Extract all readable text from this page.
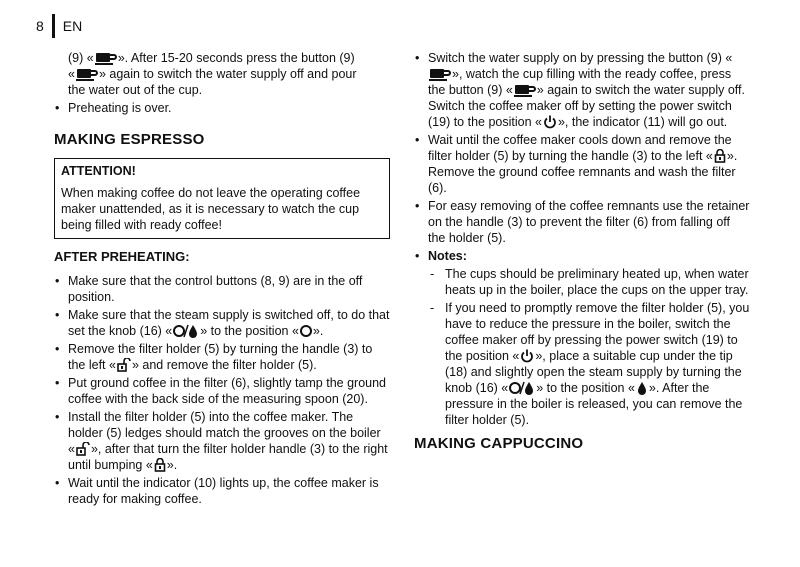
8 EN
(9) « ». After 15-20 seconds press the button (9)
« » again to switch the water supply off and pour
the water out of the cup.
• Preheating is over.
MAKING ESPRESSO
ATTENTION!
When making coffee do not leave the operating coffee maker unattended, as it is necessary to watch the cup being filled with ready coffee!
AFTER PREHEATING:
• Make sure that the control buttons (8, 9) are in the off position.
• Make sure that the steam supply is switched off, to do that set the knob (16) « » to the position « ».
• Remove the filter holder (5) by turning the handle (3) to the left « » and remove the filter holder (5).
• Put ground coffee in the filter (6), slightly tamp the ground coffee with the back side of the measuring spoon (20).
• Install the filter holder (5) into the coffee maker. The holder (5) ledges should match the grooves on the boiler « », after that turn the filter holder handle (3) to the right until bumping « ».
• Wait until the indicator (10) lights up, the coffee maker is ready for making coffee.
• Switch the water supply on by pressing the button (9) «
», watch the cup filling with the ready coffee, press the button (9) « » again to switch the water supply off. Switch the coffee maker off by setting the power switch (19) to the position « », the indicator (11) will go out.
• Wait until the coffee maker cools down and remove the filter holder (5) by turning the handle (3) to the left « ». Remove the ground coffee remnants and wash the filter (6).
• For easy removing of the coffee remnants use the retainer on the handle (3) to prevent the filter (6) from falling off the holder (5).
• Notes:
- The cups should be preliminary heated up, when water heats up in the boiler, place the cups on the upper tray.
- If you need to promptly remove the filter holder (5), you have to reduce the pressure in the boiler, switch the coffee maker off by pressing the power switch (19) to the position « », place a suitable cup under the tip (18) and slightly open the steam supply by turning the knob (16) « » to the position « ». After the pressure in the boiler is released, you can remove the filter holder (5).
MAKING CAPPUCCINO
